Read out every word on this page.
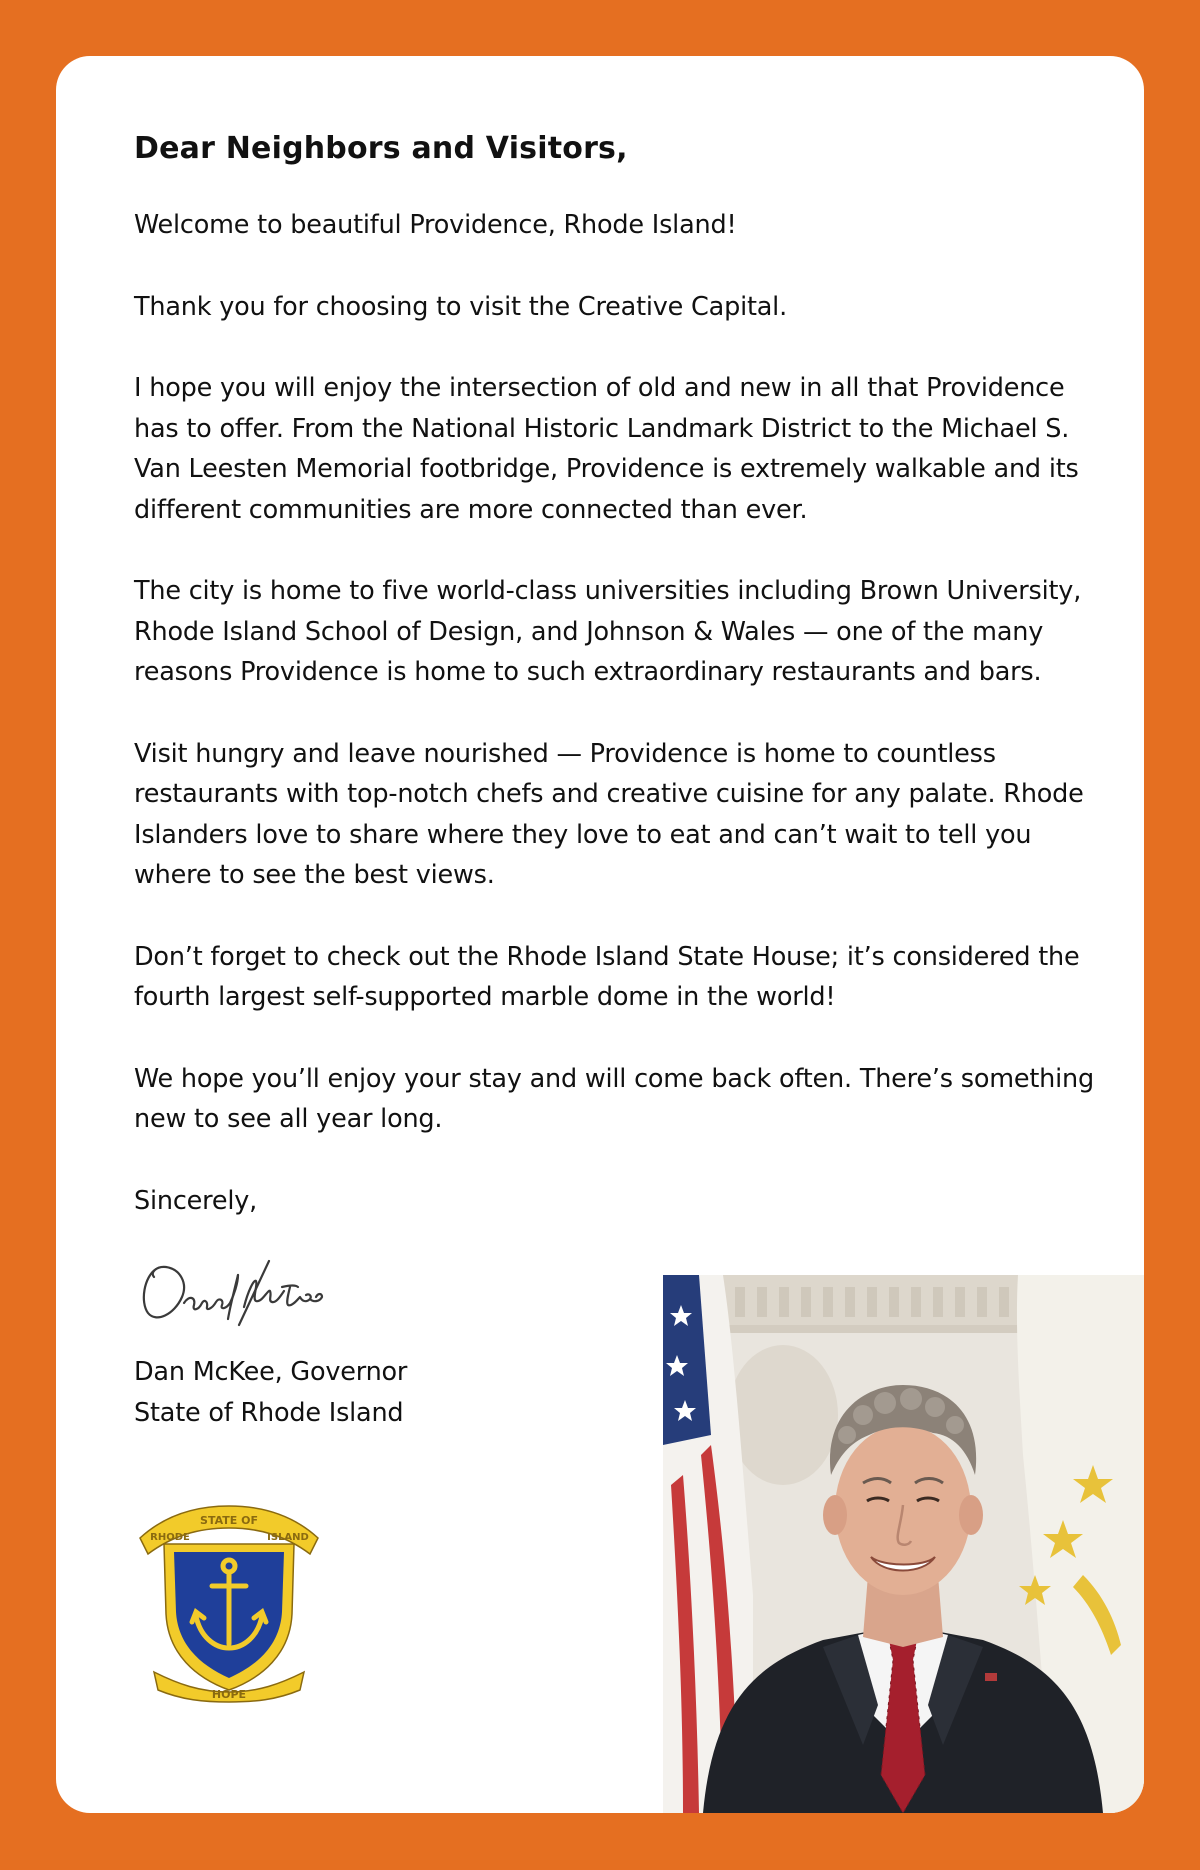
Dear Neighbors and Visitors,

Welcome to beautiful Providence, Rhode Island!

Thank you for choosing to visit the Creative Capital.

I hope you will enjoy the intersection of old and new in all that Providence has to offer. From the National Historic Landmark District to the Michael S. Van Leesten Memorial footbridge, Providence is extremely walkable and its different communities are more connected than ever.

The city is home to five world-class universities including Brown University, Rhode Island School of Design, and Johnson & Wales — one of the many reasons Providence is home to such extraordinary restaurants and bars.

Visit hungry and leave nourished — Providence is home to countless restaurants with top-notch chefs and creative cuisine for any palate. Rhode Islanders love to share where they love to eat and can’t wait to tell you where to see the best views.

Don’t forget to check out the Rhode Island State House; it’s considered the fourth largest self-supported marble dome in the world!

We hope you’ll enjoy your stay and will come back often. There’s something new to see all year long.

Sincerely,

Dan McKee, Governor
State of Rhode Island
STATE OF
RHODE	ISLAND
HOPE
